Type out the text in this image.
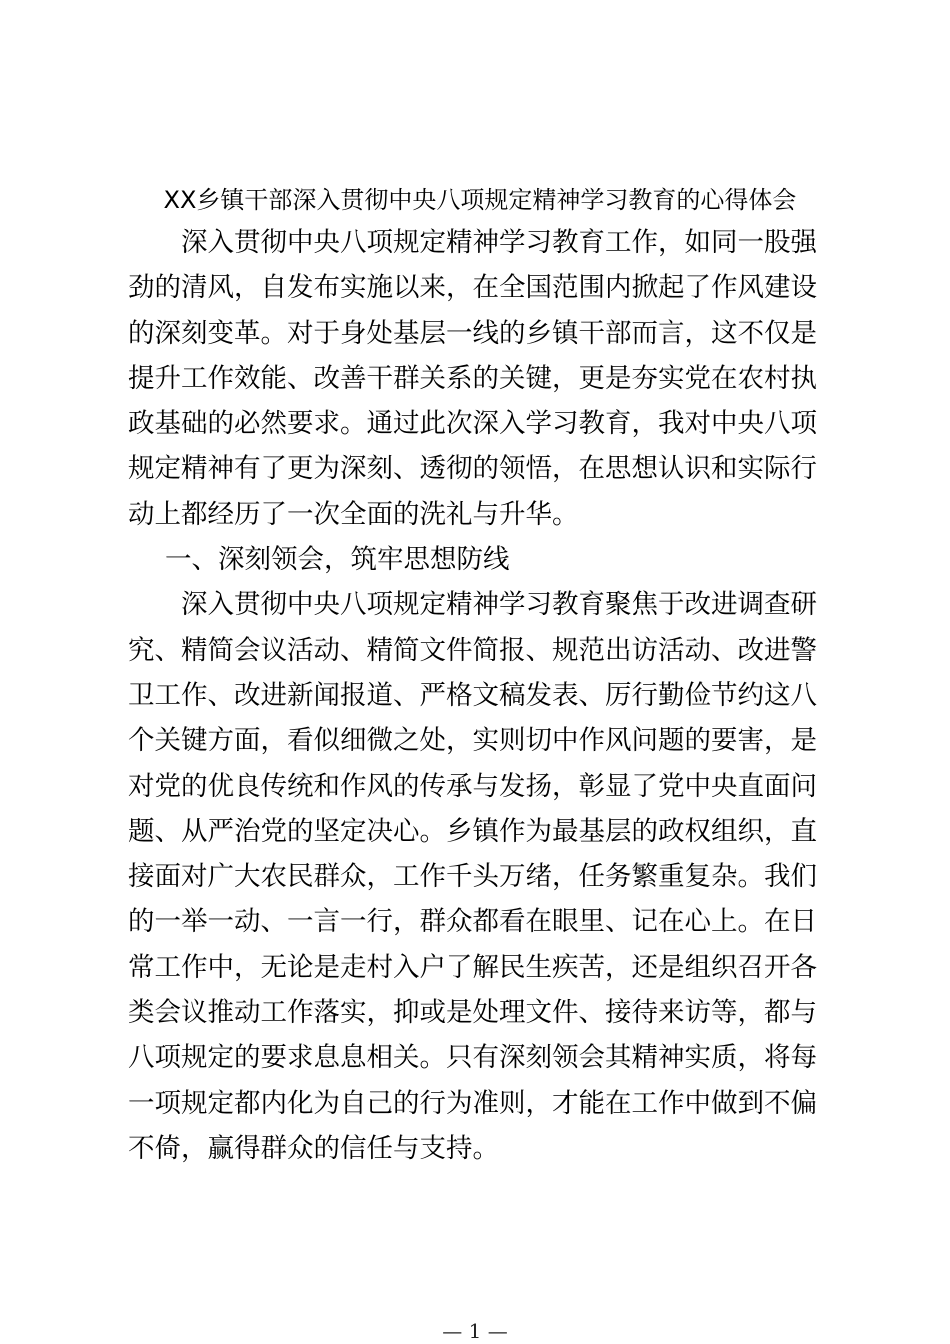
XX乡镇干部深入贯彻中央八项规定精神学习教育的心得体会

深入贯彻中央八项规定精神学习教育工作，如同一股强劲的清风，自发布实施以来，在全国范围内掀起了作风建设的深刻变革。对于身处基层一线的乡镇干部而言，这不仅是提升工作效能、改善干群关系的关键，更是夯实党在农村执政基础的必然要求。通过此次深入学习教育，我对中央八项规定精神有了更为深刻、透彻的领悟，在思想认识和实际行动上都经历了一次全面的洗礼与升华。

一、深刻领会，筑牢思想防线

深入贯彻中央八项规定精神学习教育聚焦于改进调查研究、精简会议活动、精简文件简报、规范出访活动、改进警卫工作、改进新闻报道、严格文稿发表、厉行勤俭节约这八个关键方面，看似细微之处，实则切中作风问题的要害，是对党的优良传统和作风的传承与发扬，彰显了党中央直面问题、从严治党的坚定决心。乡镇作为最基层的政权组织，直接面对广大农民群众，工作千头万绪，任务繁重复杂。我们的一举一动、一言一行，群众都看在眼里、记在心上。在日常工作中，无论是走村入户了解民生疾苦，还是组织召开各类会议推动工作落实，抑或是处理文件、接待来访等，都与八项规定的要求息息相关。只有深刻领会其精神实质，将每一项规定都内化为自己的行为准则，才能在工作中做到不偏不倚，赢得群众的信任与支持。

— 1 —
